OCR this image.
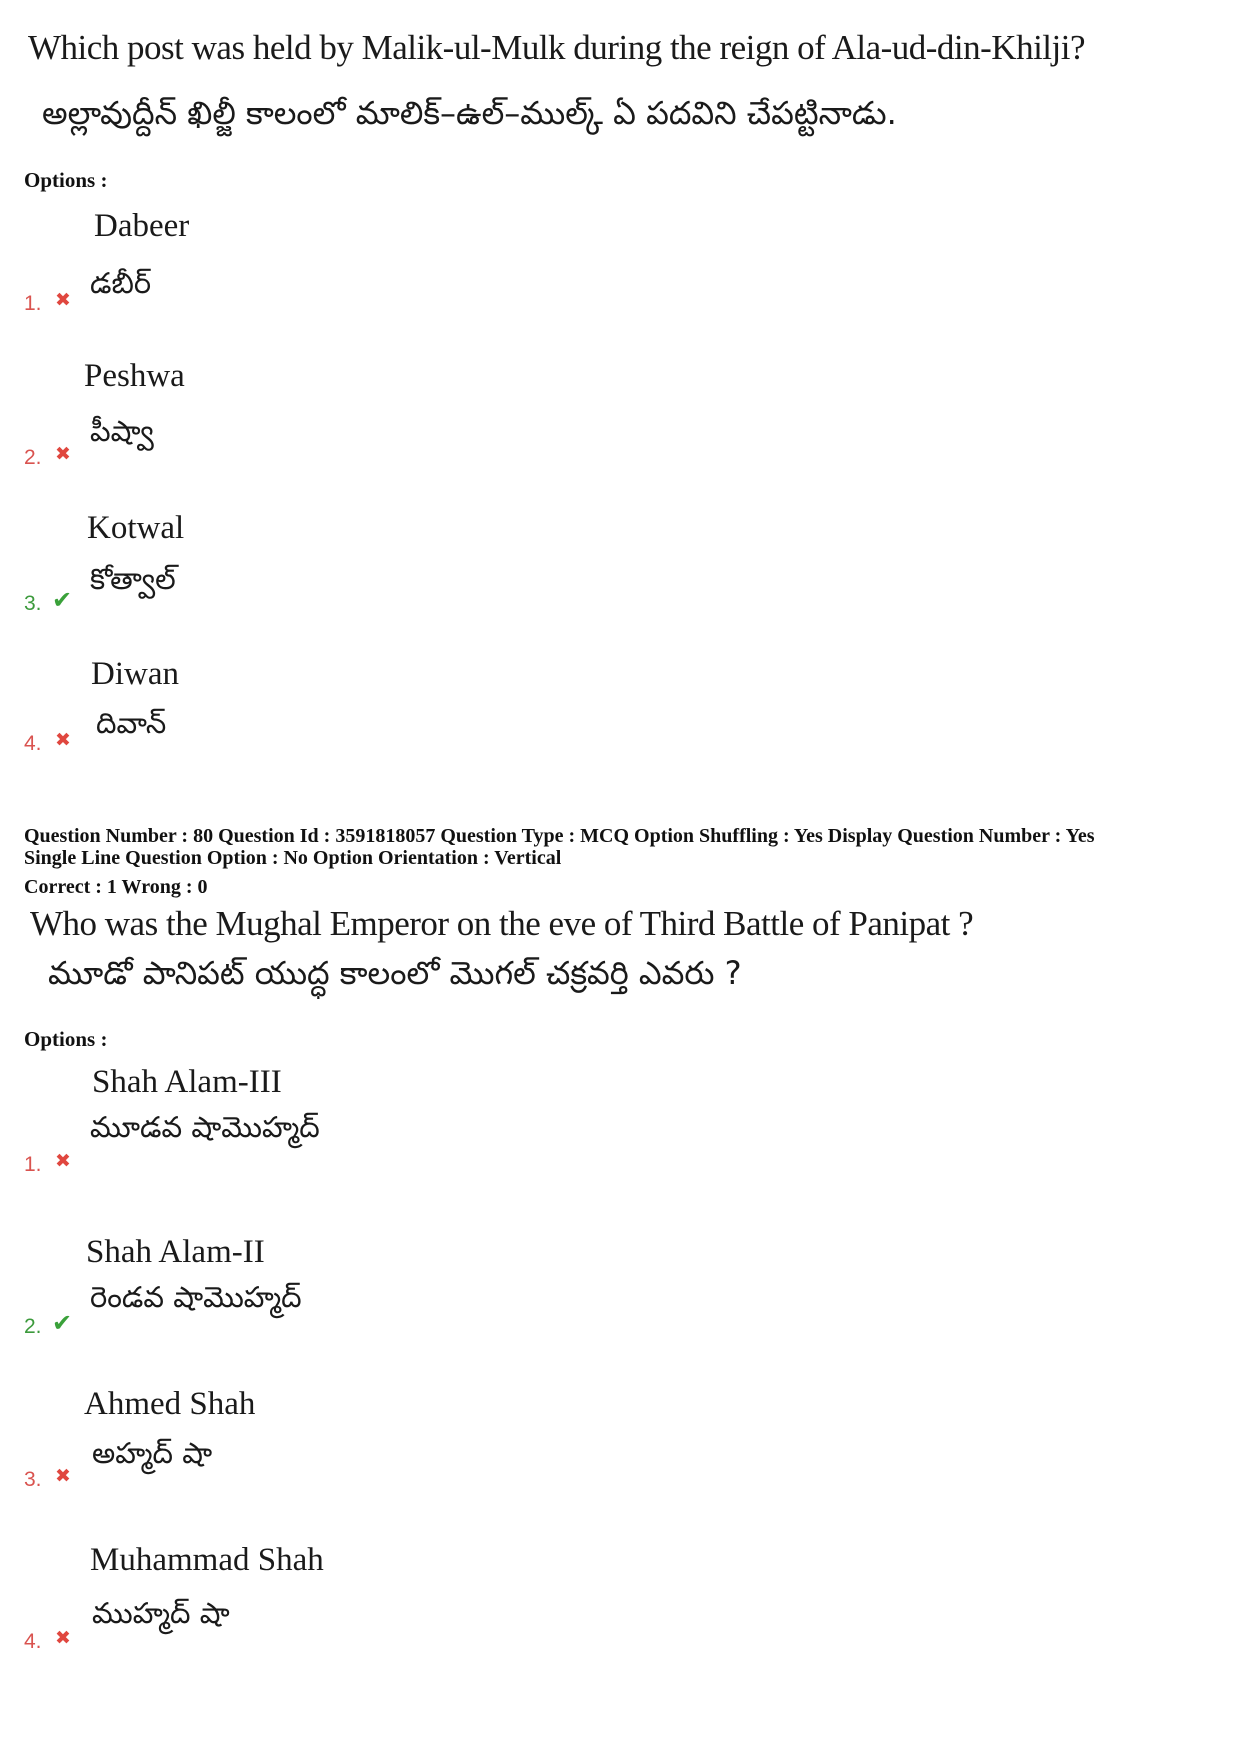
Which post was held by Malik-ul-Mulk during the reign of Ala-ud-din-Khilji?
అల్లావుద్దీన్ ఖిల్జీ కాలంలో మాలిక్–ఉల్–ముల్క్ ఏ పదవిని చేపట్టినాడు.
Options :
Dabeer
డబీర్
1. ✖
Peshwa
పీష్వా
2. ✖
Kotwal
కోత్వాల్
3. ✔
Diwan
దివాన్
4. ✖
Question Number : 80 Question Id : 3591818057 Question Type : MCQ Option Shuffling : Yes Display Question Number : Yes
Single Line Question Option : No Option Orientation : Vertical
Correct : 1 Wrong : 0
Who was the Mughal Emperor on the eve of Third Battle of Panipat ?
మూడో పానిపట్ యుద్ధ కాలంలో మొగల్ చక్రవర్తి ఎవరు ?
Options :
Shah Alam-III
మూడవ షామొహ్మద్
1. ✖
Shah Alam-II
రెండవ షామొహ్మద్
2. ✔
Ahmed Shah
అహ్మద్ షా
3. ✖
Muhammad Shah
ముహ్మద్ షా
4. ✖
